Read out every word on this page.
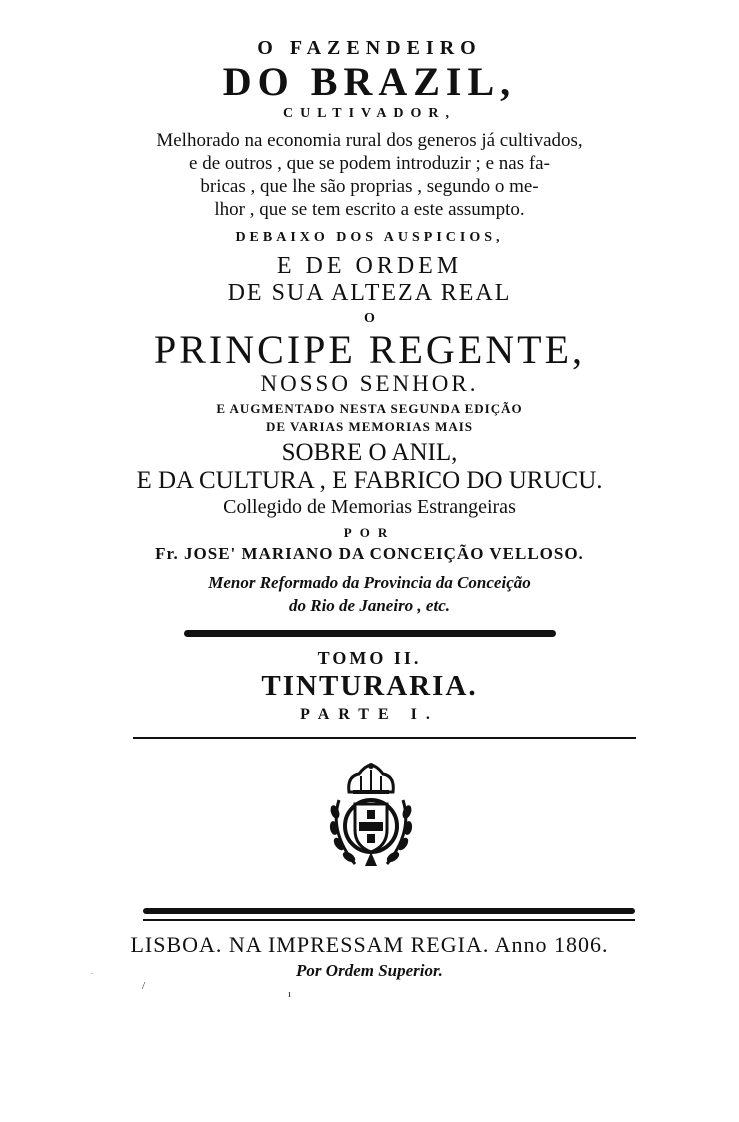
O FAZENDEIRO
DO BRAZIL,
CULTIVADOR,
Melhorado na economia rural dos generos já cultivados,
e de outros , que se podem introduzir ; e nas fa-
bricas , que lhe são proprias , segundo o me-
lhor , que se tem escrito a este assumpto.
DEBAIXO DOS AUSPICIOS,
E DE ORDEM
DE SUA ALTEZA REAL
O
PRINCIPE REGENTE,
NOSSO SENHOR.
E AUGMENTADO NESTA SEGUNDA EDIÇÃO
DE VARIAS MEMORIAS MAIS
SOBRE O ANIL,
E DA CULTURA , E FABRICO DO URUCU.
Collegido de Memorias Estrangeiras
POR
Fr. JOSE' MARIANO DA CONCEIÇÃO VELLOSO.
Menor Reformado da Provincia da Conceição
do Rio de Janeiro , etc.
TOMO II.
TINTURARIA.
PARTE I.
LISBOA. NA IMPRESSAM REGIA. Anno 1806.
Por Ordem Superior.
·
/
ı
